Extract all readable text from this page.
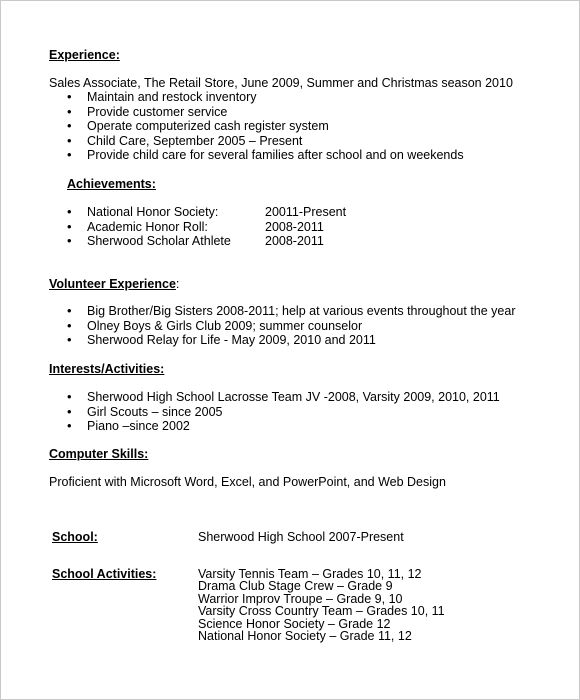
Experience:
Sales Associate, The Retail Store, June 2009, Summer and Christmas season 2010
• Maintain and restock inventory
• Provide customer service
• Operate computerized cash register system
• Child Care, September 2005 – Present
• Provide child care for several families after school and on weekends
Achievements:
• National Honor Society:	20011-Present
• Academic Honor Roll:	2008-2011
• Sherwood Scholar Athlete	2008-2011
Volunteer Experience:
• Big Brother/Big Sisters 2008-2011; help at various events throughout the year
• Olney Boys & Girls Club 2009; summer counselor
• Sherwood Relay for Life - May 2009, 2010 and 2011
Interests/Activities:
• Sherwood High School Lacrosse Team JV -2008, Varsity 2009, 2010, 2011
• Girl Scouts – since 2005
• Piano –since 2002
Computer Skills:
Proficient with Microsoft Word, Excel, and PowerPoint, and Web Design
School:	Sherwood High School 2007-Present
School Activities:	Varsity Tennis Team – Grades 10, 11, 12
Drama Club Stage Crew – Grade 9
Warrior Improv Troupe – Grade 9, 10
Varsity Cross Country Team – Grades 10, 11
Science Honor Society – Grade 12
National Honor Society – Grade 11, 12
